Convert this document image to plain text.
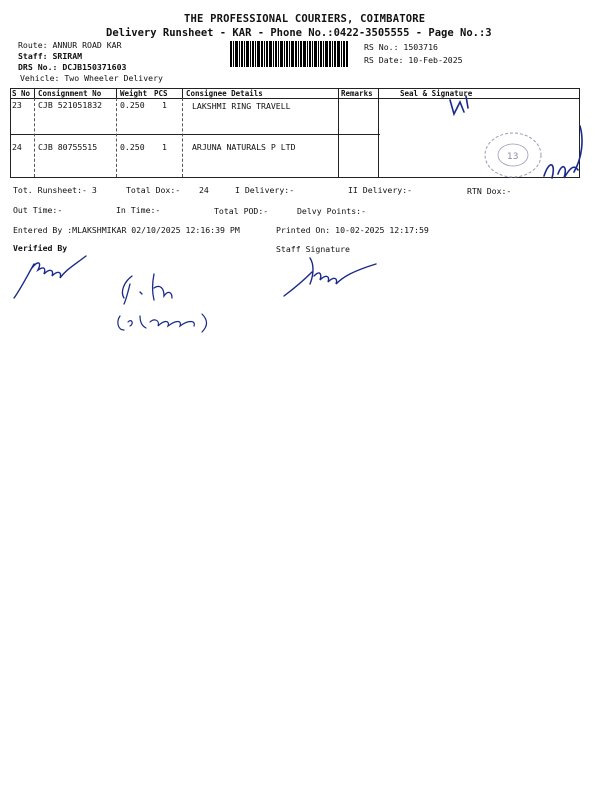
THE PROFESSIONAL COURIERS, COIMBATORE
Delivery Runsheet - KAR - Phone No.:0422-3505555 - Page No.:3
Route: ANNUR ROAD KAR
Staff: SRIRAM
DRS No.: DCJB150371603
Vehicle: Two Wheeler Delivery
RS No.: 1503716
RS Date: 10-Feb-2025
S No Consignment No	Weight PCS Consignee Details	Remarks	Seal & Signature
23 CJB 521051832 0.250 1	LAKSHMI RING TRAVELL
24 CJB 80755515	0.250 1	ARJUNA NATURALS P LTD
13
Tot. Runsheet:- 3	Total Dox:- 24	I Delivery:-	II Delivery:-	RTN Dox:-
Out Time:-	In Time:-	Total POD:-	Delvy Points:-
Entered By :MLAKSHMIKAR 02/10/2025 12:16:39 PM	Printed On: 10-02-2025 12:17:59
Verified By	Staff Signature
